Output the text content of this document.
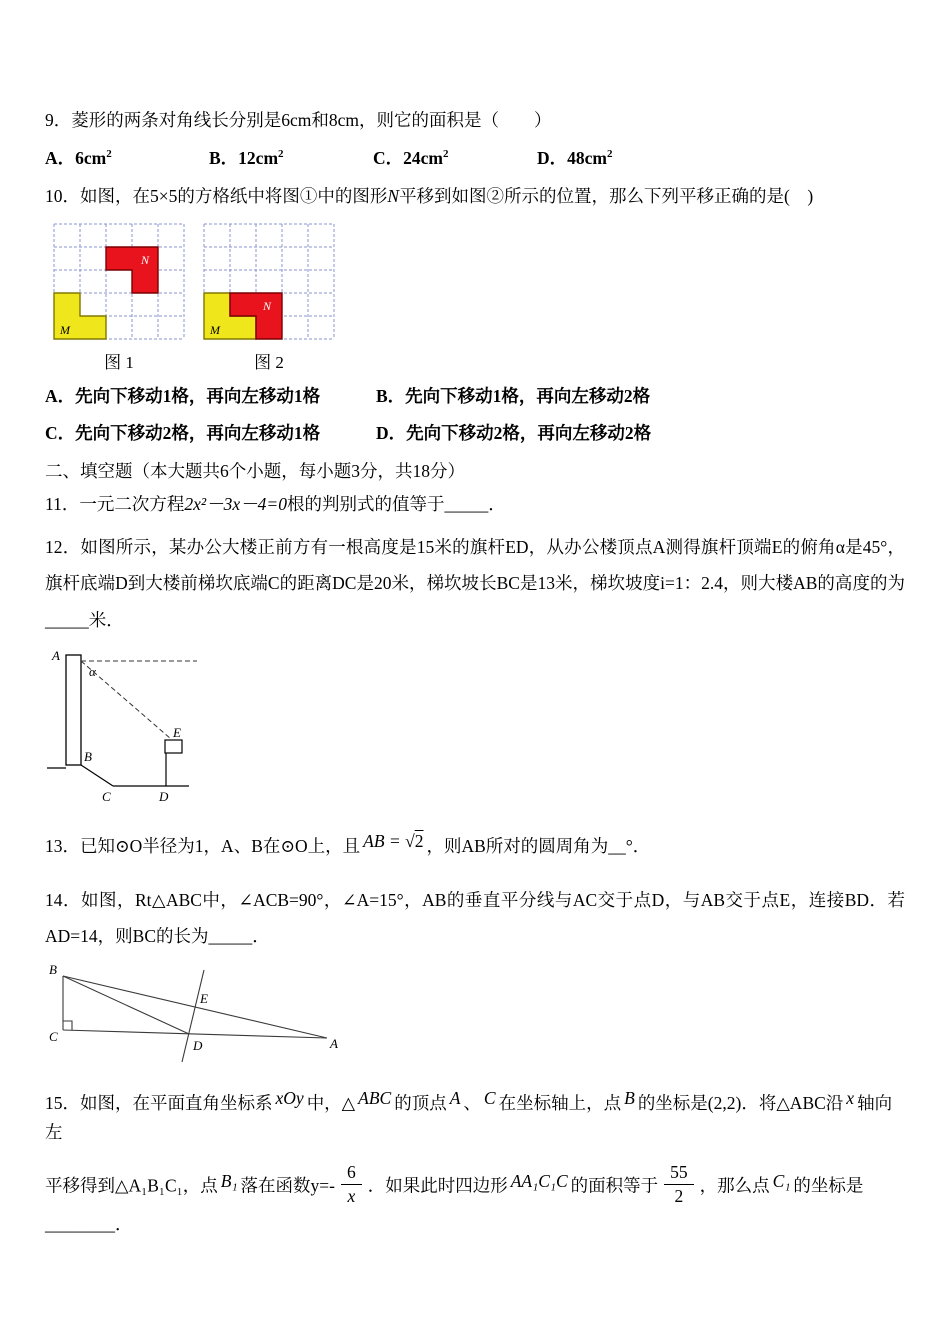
9．菱形的两条对角线长分别是6cm和8cm，则它的面积是（　　）
A．$6cm^2$	B．$12cm^2$	C．$24cm^2$	D．$48cm^2$
10．如图，在5×5的方格纸中将图①中的图形N平移到如图②所示的位置，那么下列平移正确的是(　)
N
M
图 1
N
M
图 2
A．先向下移动1格，再向左移动1格	B．先向下移动1格，再向左移动2格
C．先向下移动2格，再向左移动1格	D．先向下移动2格，再向左移动2格
二、填空题（本大题共6个小题，每小题3分，共18分）
11．一元二次方程2x²－3x－4=0根的判别式的值等于_____．

12．如图所示，某办公大楼正前方有一根高度是15米的旗杆ED，从办公楼顶点A测得旗杆顶端E的俯角α是45°，旗杆底端D到大楼前梯坎底端C的距离DC是20米，梯坎坡长BC是13米，梯坎坡度i=1：2.4，则大楼AB的高度的为_____米．

A
α
E
B
C	D
13．已知⊙O半径为1，A、B在⊙O上，且 AB = √2 ，则AB所对的圆周角为__°．

14．如图，Rt△ABC中，∠ACB=90°，∠A=15°，AB的垂直平分线与AC交于点D，与AB交于点E，连接BD．若AD=14，则BC的长为_____．

B
C	A
E
D
15．如图，在平面直角坐标系 xOy 中，△ ABC 的顶点 A 、 C 在坐标轴上，点 B 的坐标是(2,2)．将△ABC沿 x 轴向左
平移得到△A₁B₁C₁，点 B₁ 落在函数$y=- \frac{6}{x}$ ．如果此时四边形 AA₁C₁C 的面积等于 $\frac{55}{2}$ ，那么点 C₁ 的坐标是________．
